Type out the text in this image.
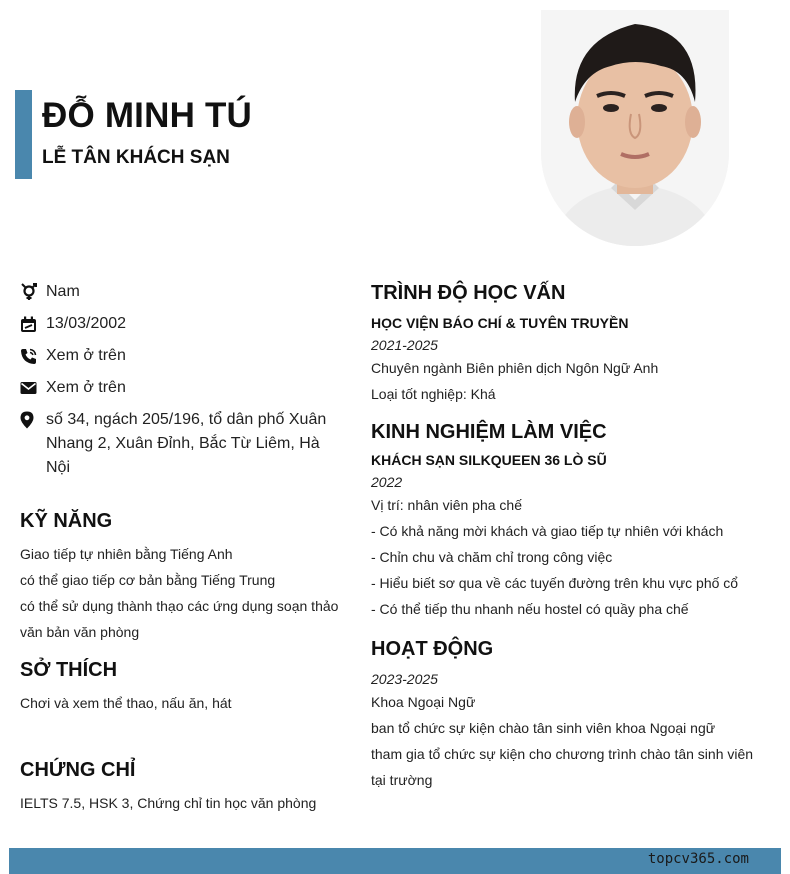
ĐỖ MINH TÚ
LỄ TÂN KHÁCH SẠN
Nam
13/03/2002
Xem ở trên
Xem ở trên
số 34, ngách 205/196, tổ dân phố Xuân Nhang 2, Xuân Đỉnh, Bắc Từ Liêm, Hà Nội
KỸ NĂNG
Giao tiếp tự nhiên bằng Tiếng Anh
có thể giao tiếp cơ bản bằng Tiếng Trung
có thể sử dụng thành thạo các ứng dụng soạn thảo văn bản văn phòng
SỞ THÍCH
Chơi và xem thể thao, nấu ăn, hát
CHỨNG CHỈ
IELTS 7.5, HSK 3, Chứng chỉ tin học văn phòng
TRÌNH ĐỘ HỌC VẤN
HỌC VIỆN BÁO CHÍ & TUYÊN TRUYỀN
2021-2025
Chuyên ngành Biên phiên dịch Ngôn Ngữ Anh
Loại tốt nghiệp: Khá
KINH NGHIỆM LÀM VIỆC
KHÁCH SẠN SILKQUEEN 36 LÒ SŨ
2022
Vị trí: nhân viên pha chế
- Có khả năng mời khách và giao tiếp tự nhiên với khách
- Chỉn chu và chăm chỉ trong công việc
- Hiểu biết sơ qua về các tuyến đường trên khu vực phố cổ
- Có thể tiếp thu nhanh nếu hostel có quầy pha chế
HOẠT ĐỘNG
2023-2025
Khoa Ngoại Ngữ
ban tổ chức sự kiện chào tân sinh viên khoa Ngoại ngữ
tham gia tổ chức sự kiện cho chương trình chào tân sinh viên tại trường
topcv365.com
